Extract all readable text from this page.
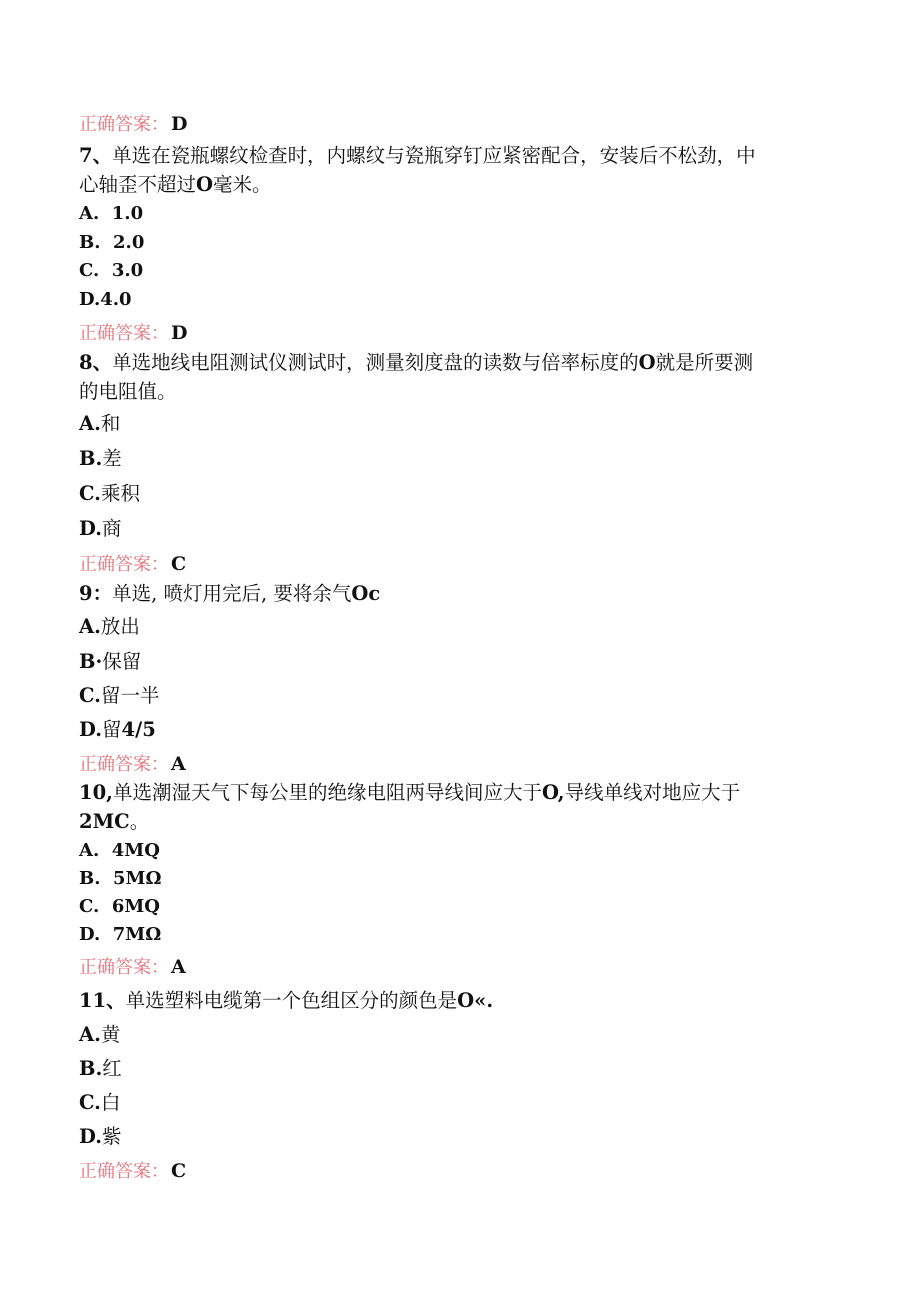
正确答案： D
7、单选在瓷瓶螺纹检查时，内螺纹与瓷瓶穿钉应紧密配合，安装后不松劲，中
心轴歪不超过O毫米。
A. 1.0
B. 2.0
C. 3.0
D.4.0
正确答案： D
8、单选地线电阻测试仪测试时，测量刻度盘的读数与倍率标度的O就是所要测
的电阻值。
A.和
B.差
C.乘积
D.商
正确答案： C
9：单选, 喷灯用完后, 要将余气Oc
A.放出
B·保留
C.留一半
D.留4/5
正确答案： A
10,单选潮湿天气下每公里的绝缘电阻两导线间应大于O,导线单线对地应大于
2MC。
A. 4MQ
B. 5MΩ
C. 6MQ
D. 7MΩ
正确答案： A
11、单选塑料电缆第一个色组区分的颜色是O«.
A.黄
B.红
C.白
D.紫
正确答案： C
